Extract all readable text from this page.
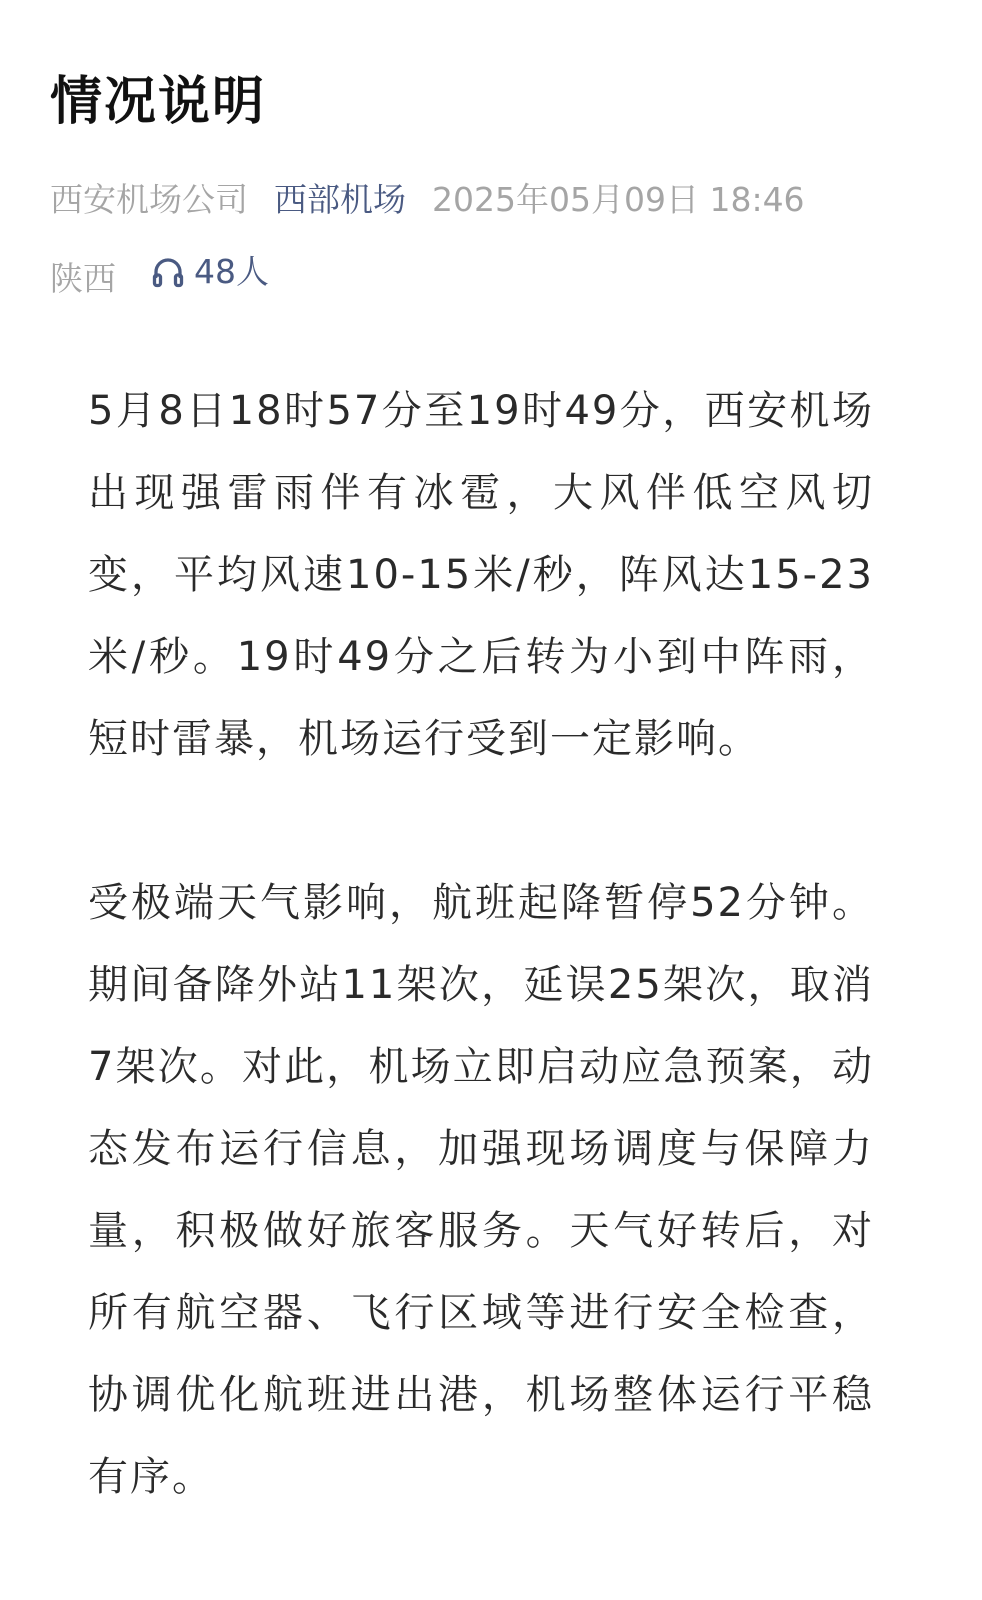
情况说明
西安机场公司 西部机场 2025年05月09日 18:46
陕西 48人

5月8日18时57分至19时49分，西安机场出现强雷雨伴有冰雹，大风伴低空风切变，平均风速10-15米/秒，阵风达15-23米/秒。19时49分之后转为小到中阵雨，短时雷暴，机场运行受到一定影响。

受极端天气影响，航班起降暂停52分钟。期间备降外站11架次，延误25架次，取消7架次。对此，机场立即启动应急预案，动态发布运行信息，加强现场调度与保障力量，积极做好旅客服务。天气好转后，对所有航空器、飞行区域等进行安全检查，协调优化航班进出港，机场整体运行平稳有序。
